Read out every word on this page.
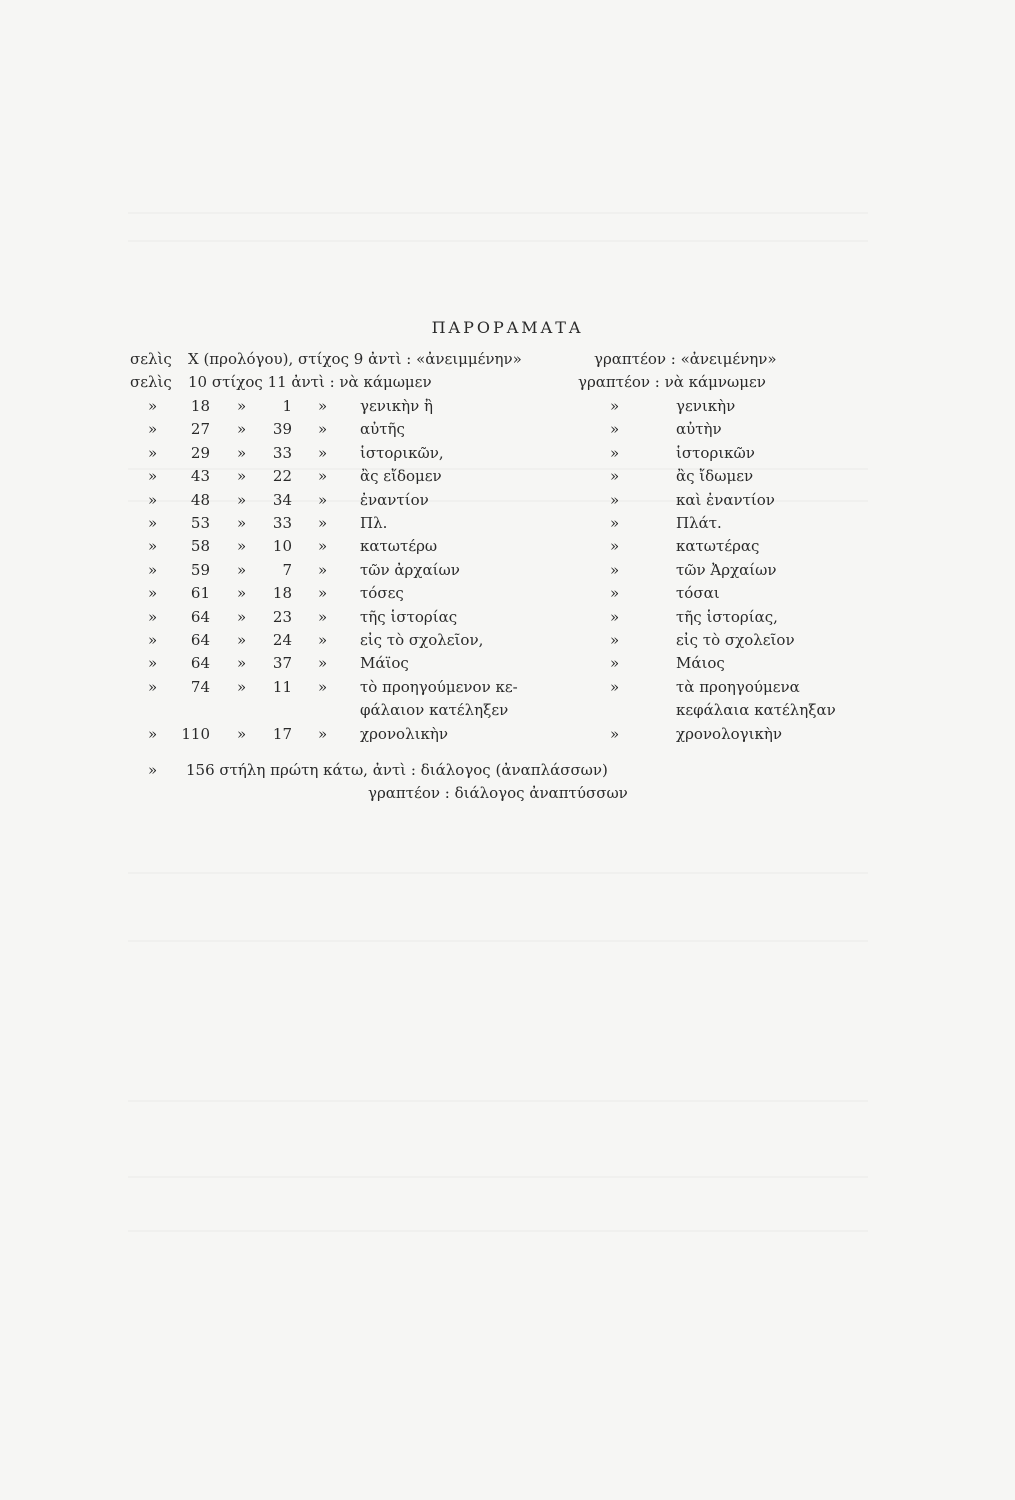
ΠΑΡΟΡΑΜΑΤΑ
σελὶς Χ (προλόγου), στίχος 9 ἀντὶ : «ἀνειμμένην»	γραπτέον : «ἀνειμένην»
σελὶς 10 στίχος 11 ἀντὶ : νὰ κάμωμεν	γραπτέον : νὰ κάμνωμεν
»	18 »	1 » γενικὴν ἢ	»	γενικὴν
»	27 »	39 » αὐτῆς	»	αὐτὴν
»	29 »	33 » ἱστορικῶν,	»	ἱστορικῶν
»	43 »	22 » ἂς εἴδομεν	»	ἂς ἴδωμεν
»	48 »	34 » ἐναντίον	»	καὶ ἐναντίον
»	53 »	33 » Πλ.	»	Πλάτ.
»	58 »	10 » κατωτέρω	»	κατωτέρας
»	59 »	7 » τῶν ἀρχαίων	»	τῶν Ἀρχαίων
»	61 »	18 » τόσες	»	τόσαι
»	64 »	23 » τῆς ἱστορίας	»	τῆς ἱστορίας,
»	64 »	24 » εἰς τὸ σχολεῖον,	»	εἰς τὸ σχολεῖον
»	64 »	37 » Μάϊος	»	Μάιος
»	74 »	11 » τὸ προηγούμενον κε-	»	τὰ προηγούμενα
φάλαιον κατέληξεν	κεφάλαια κατέληξαν
»	110 »	17 » χρονολικὴν	»	χρονολογικὴν
» 156 στήλη πρώτη κάτω, ἀντὶ : διάλογος (ἀναπλάσσων)
γραπτέον : διάλογος ἀναπτύσσων
